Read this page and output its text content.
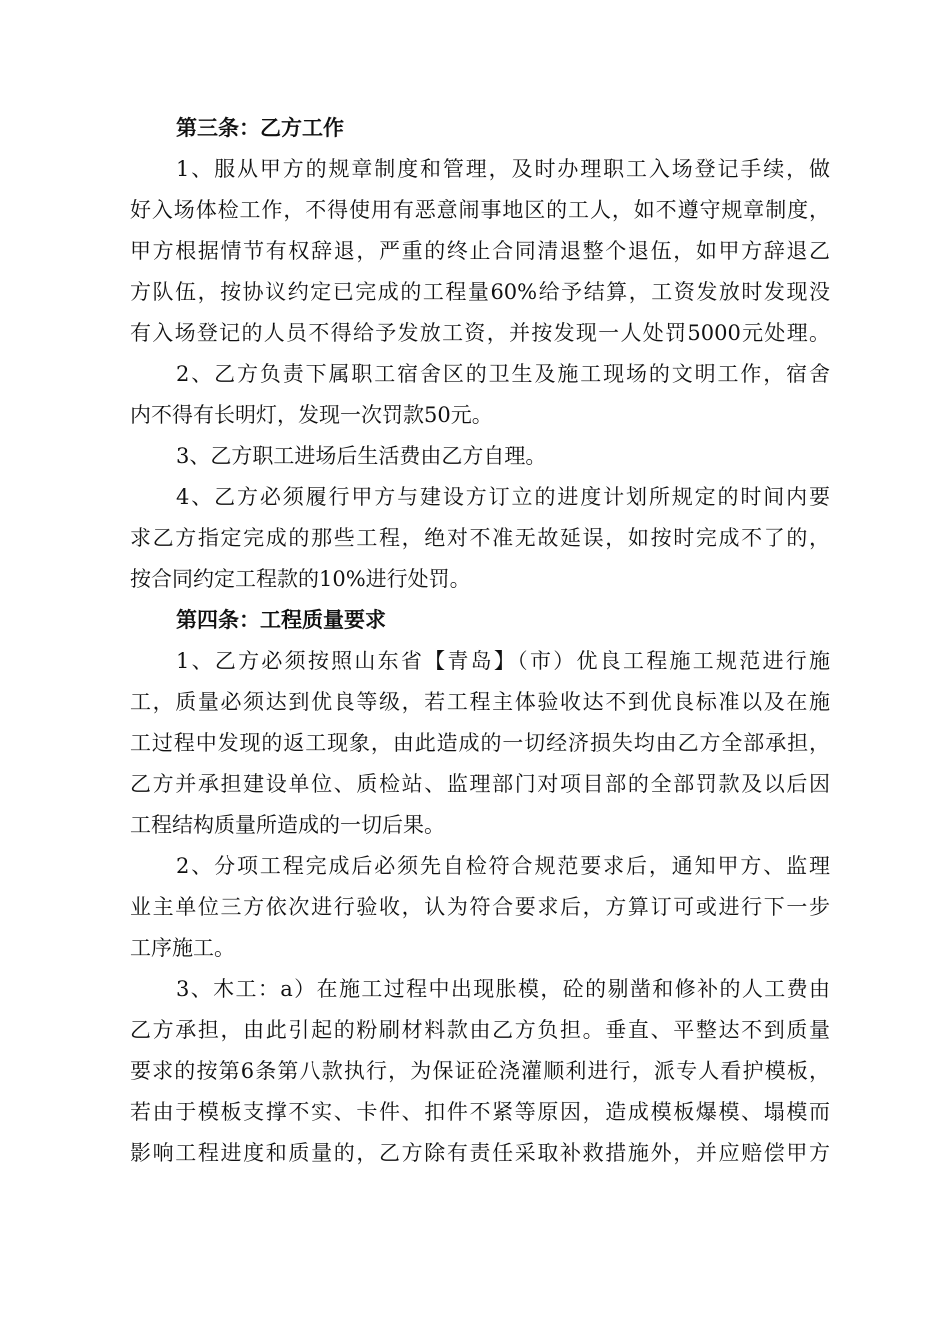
第三条：乙方工作
1、服从甲方的规章制度和管理，及时办理职工入场登记手续，做
好入场体检工作，不得使用有恶意闹事地区的工人，如不遵守规章制度，
甲方根据情节有权辞退，严重的终止合同清退整个退伍，如甲方辞退乙
方队伍，按协议约定已完成的工程量60%给予结算，工资发放时发现没
有入场登记的人员不得给予发放工资，并按发现一人处罚5000元处理。
2、乙方负责下属职工宿舍区的卫生及施工现场的文明工作，宿舍
内不得有长明灯，发现一次罚款50元。
3、乙方职工进场后生活费由乙方自理。
4、乙方必须履行甲方与建设方订立的进度计划所规定的时间内要
求乙方指定完成的那些工程，绝对不准无故延误，如按时完成不了的，
按合同约定工程款的10%进行处罚。
第四条：工程质量要求
1、乙方必须按照山东省【青岛】（市）优良工程施工规范进行施
工，质量必须达到优良等级，若工程主体验收达不到优良标准以及在施
工过程中发现的返工现象，由此造成的一切经济损失均由乙方全部承担，
乙方并承担建设单位、质检站、监理部门对项目部的全部罚款及以后因
工程结构质量所造成的一切后果。
2、分项工程完成后必须先自检符合规范要求后，通知甲方、监理
业主单位三方依次进行验收，认为符合要求后，方算订可或进行下一步
工序施工。
3、木工：a）在施工过程中出现胀模，砼的剔凿和修补的人工费由
乙方承担，由此引起的粉刷材料款由乙方负担。垂直、平整达不到质量
要求的按第6条第八款执行，为保证砼浇灌顺利进行，派专人看护模板，
若由于模板支撑不实、卡件、扣件不紧等原因，造成模板爆模、塌模而
影响工程进度和质量的，乙方除有责任采取补救措施外，并应赔偿甲方
